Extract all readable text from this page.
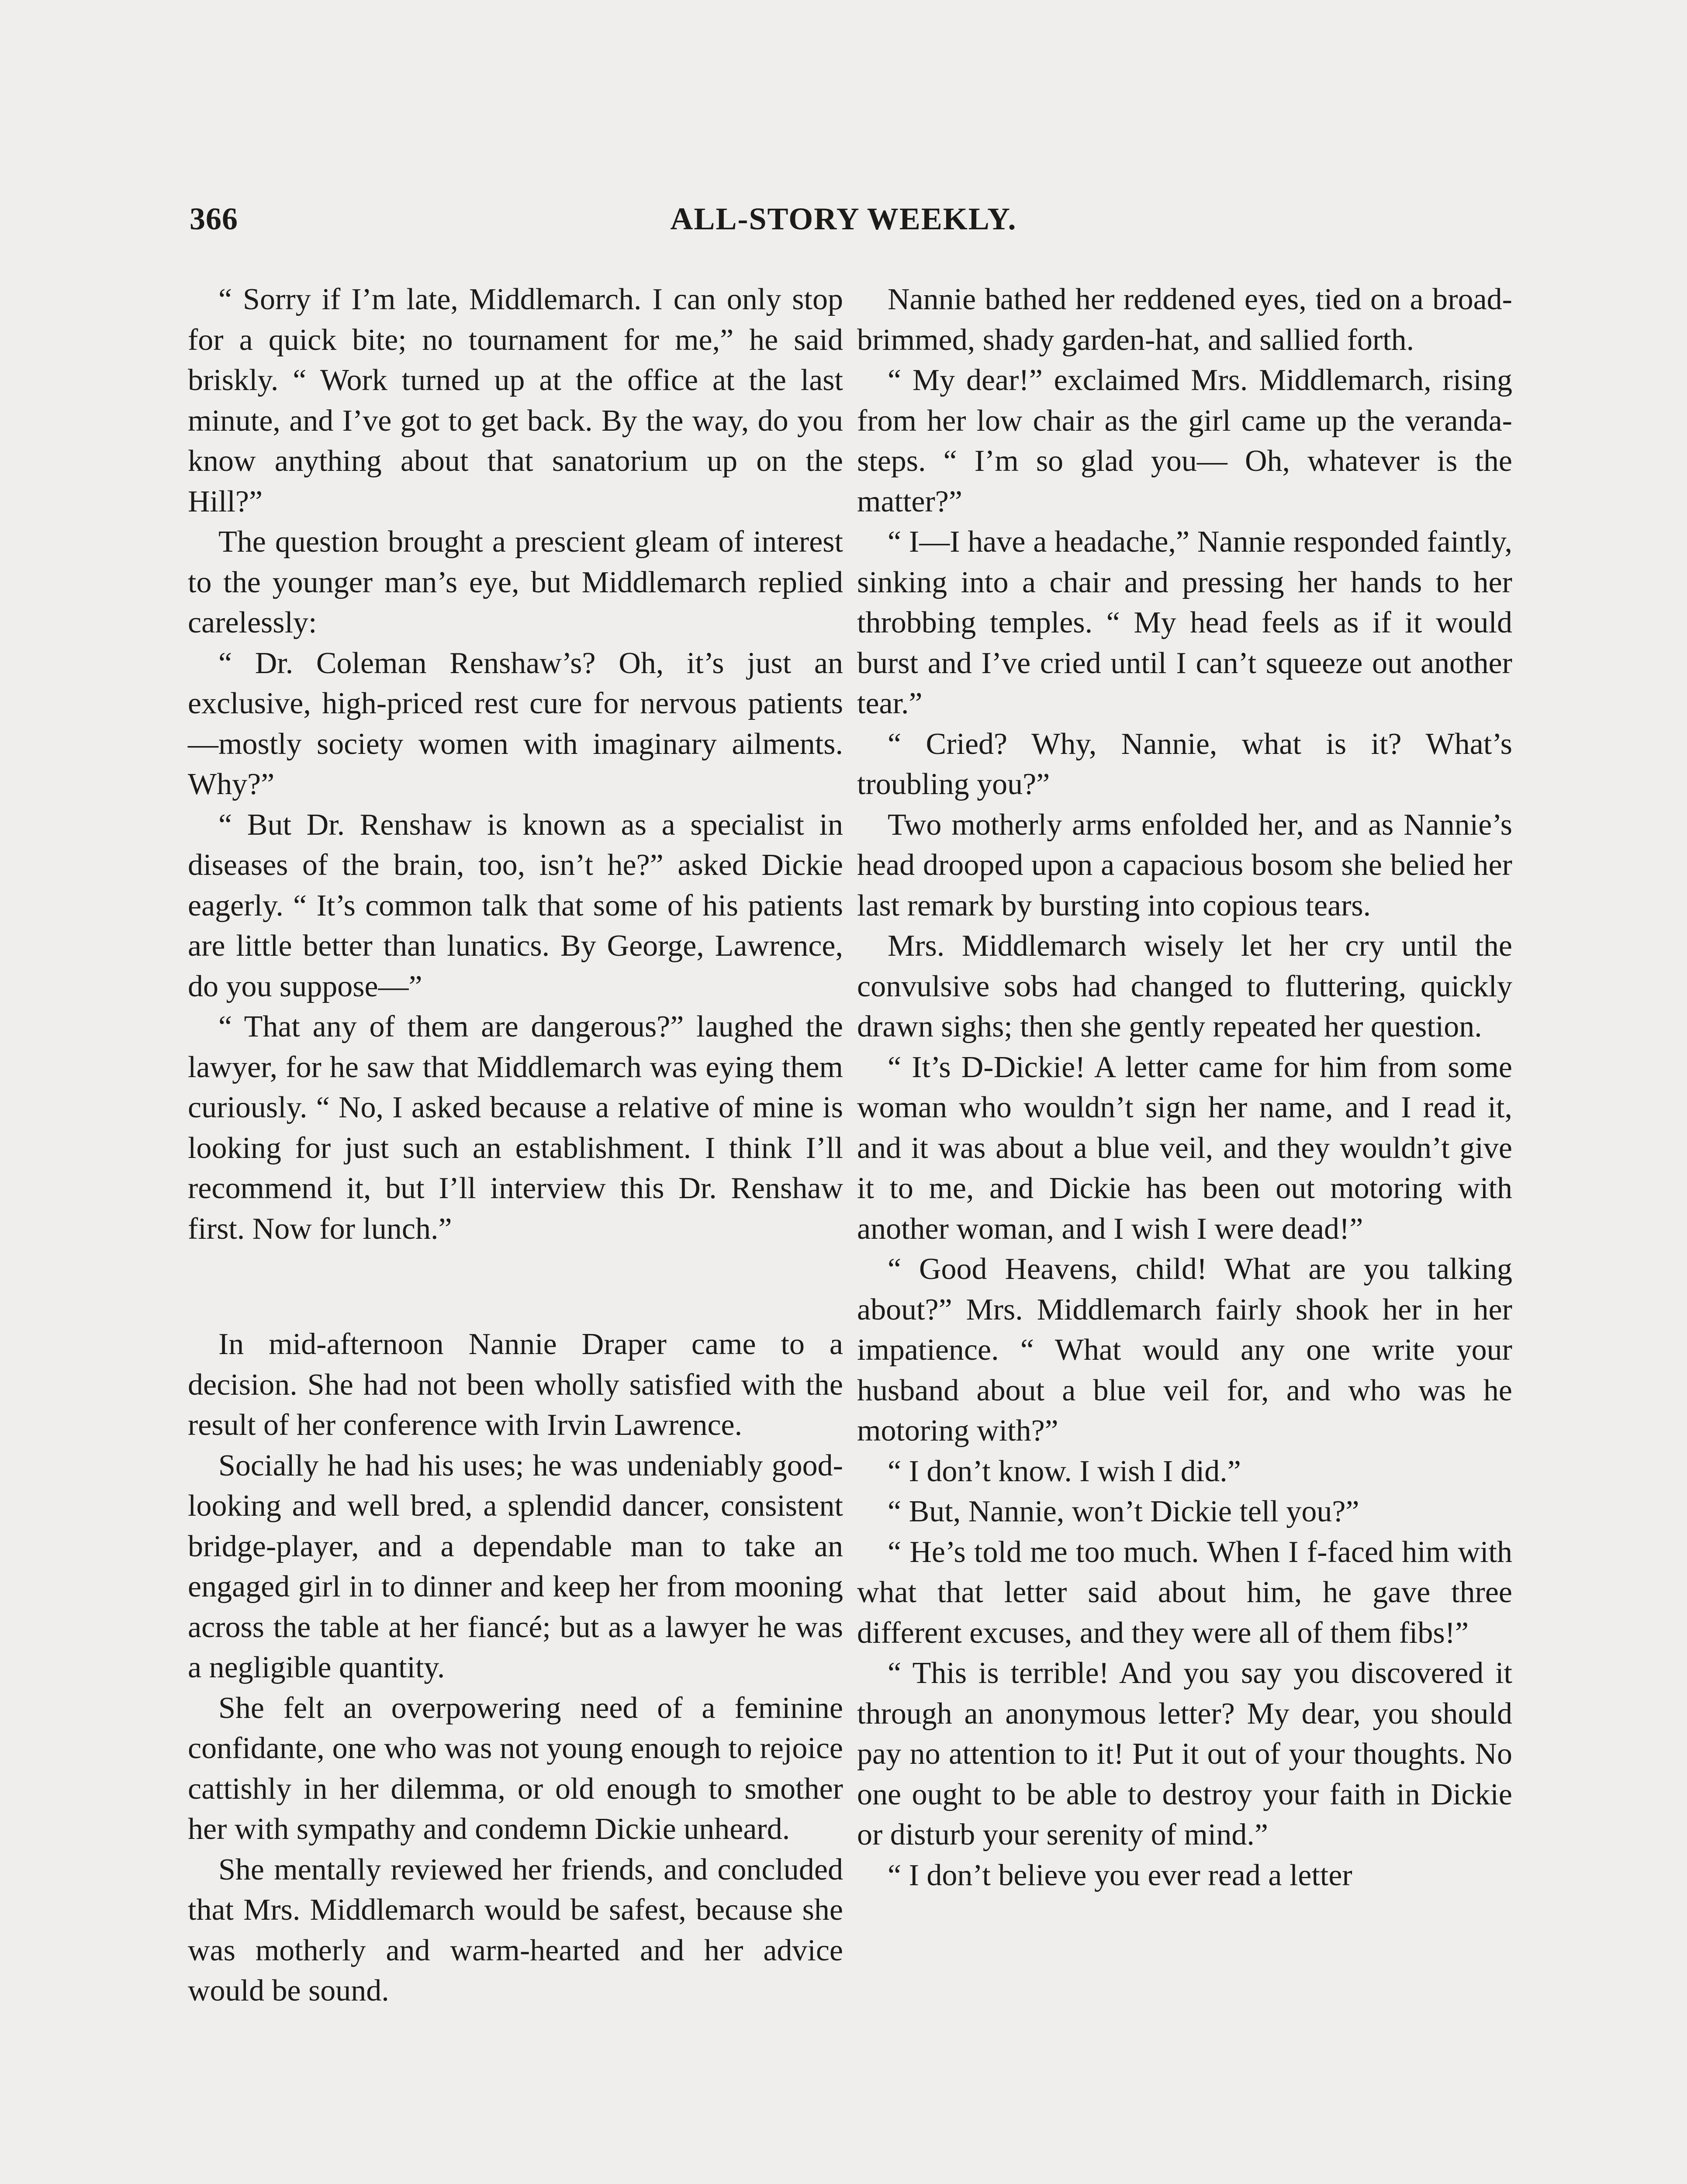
366	ALL-STORY WEEKLY.

“ Sorry if I’m late, Middlemarch. I can only stop for a quick bite; no tournament for me,” he said briskly. “ Work turned up at the office at the last minute, and I’ve got to get back. By the way, do you know anything about that sanatorium up on the Hill?”

The question brought a prescient gleam of interest to the younger man’s eye, but Middlemarch replied carelessly:

“ Dr. Coleman Renshaw’s? Oh, it’s just an exclusive, high-priced rest cure for nervous patients—mostly society women with imaginary ailments. Why?”

“ But Dr. Renshaw is known as a specialist in diseases of the brain, too, isn’t he?” asked Dickie eagerly. “ It’s common talk that some of his patients are little better than lunatics. By George, Lawrence, do you suppose—”

“ That any of them are dangerous?” laughed the lawyer, for he saw that Middlemarch was eying them curiously. “ No, I asked because a relative of mine is looking for just such an establishment. I think I’ll recommend it, but I’ll interview this Dr. Renshaw first. Now for lunch.”

In mid-afternoon Nannie Draper came to a decision. She had not been wholly satisfied with the result of her conference with Irvin Lawrence.

Socially he had his uses; he was undeniably good-looking and well bred, a splendid dancer, consistent bridge-player, and a dependable man to take an engaged girl in to dinner and keep her from mooning across the table at her fiancé; but as a lawyer he was a negligible quantity.

She felt an overpowering need of a feminine confidante, one who was not young enough to rejoice cattishly in her dilemma, or old enough to smother her with sympathy and condemn Dickie unheard.

She mentally reviewed her friends, and concluded that Mrs. Middlemarch would be safest, because she was motherly and warm-hearted and her advice would be sound.

Nannie bathed her reddened eyes, tied on a broad-brimmed, shady garden-hat, and sallied forth.

“ My dear!” exclaimed Mrs. Middlemarch, rising from her low chair as the girl came up the veranda-steps. “ I’m so glad you— Oh, whatever is the matter?”

“ I—I have a headache,” Nannie responded faintly, sinking into a chair and pressing her hands to her throbbing temples. “ My head feels as if it would burst and I’ve cried until I can’t squeeze out another tear.”

“ Cried? Why, Nannie, what is it? What’s troubling you?”

Two motherly arms enfolded her, and as Nannie’s head drooped upon a capacious bosom she belied her last remark by bursting into copious tears.

Mrs. Middlemarch wisely let her cry until the convulsive sobs had changed to fluttering, quickly drawn sighs; then she gently repeated her question.

“ It’s D-Dickie! A letter came for him from some woman who wouldn’t sign her name, and I read it, and it was about a blue veil, and they wouldn’t give it to me, and Dickie has been out motoring with another woman, and I wish I were dead!”

“ Good Heavens, child! What are you talking about?” Mrs. Middlemarch fairly shook her in her impatience. “ What would any one write your husband about a blue veil for, and who was he motoring with?”

“ I don’t know. I wish I did.”

“ But, Nannie, won’t Dickie tell you?”

“ He’s told me too much. When I f-faced him with what that letter said about him, he gave three different excuses, and they were all of them fibs!”

“ This is terrible! And you say you discovered it through an anonymous letter? My dear, you should pay no attention to it! Put it out of your thoughts. No one ought to be able to destroy your faith in Dickie or disturb your serenity of mind.”

“ I don’t believe you ever read a letter
